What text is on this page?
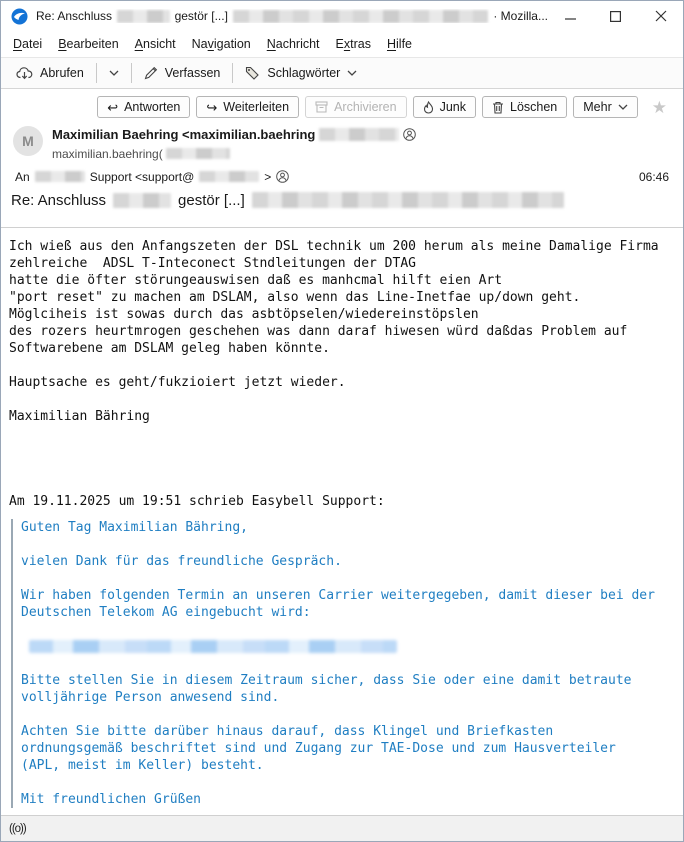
Re: Anschluss	gestör [...]	· Mozilla...
Datei	Bearbeiten	Ansicht	Navigation	Nachricht	Extras	Hilfe
Abrufen	Verfassen	Schlagwörter
↩ Antworten ↪ Weiterleiten	Archivieren	Junk	Löschen Mehr ★
M	Maximilian Baehring <maximilian.baehring
maximilian.baehring(
An	Support <support@	>	06:46
Re: Anschluss	gestör [...]
Ich wieß aus den Anfangszeten der DSL technik um 200 herum als meine Damalige Firma
zehlreiche  ADSL T-Inteconect Stndleitungen der DTAG
hatte die öfter störungeauswisen daß es manhcmal hilft eien Art
"port reset" zu machen am DSLAM, also wenn das Line-Inetfae up/down geht.
Möglciheis ist sowas durch das asbtöpselen/wiedereinstöpslen
des rozers heurtmrogen geschehen was dann daraf hiwesen würd daßdas Problem auf
Softwarebene am DSLAM geleg haben könnte.

Hauptsache es geht/fukzioiert jetzt wieder.

Maximilian Bähring

Am 19.11.2025 um 19:51 schrieb Easybell Support:
Guten Tag Maximilian Bähring,

vielen Dank für das freundliche Gespräch.

Wir haben folgenden Termin an unseren Carrier weitergegeben, damit dieser bei der
Deutschen Telekom AG eingebucht wird:
Bitte stellen Sie in diesem Zeitraum sicher, dass Sie oder eine damit betraute
volljährige Person anwesend sind.

Achten Sie bitte darüber hinaus darauf, dass Klingel und Briefkasten
ordnungsgemäß beschriftet sind und Zugang zur TAE-Dose und zum Hausverteiler
(APL, meist im Keller) besteht.

Mit freundlichen Grüßen
((o))
